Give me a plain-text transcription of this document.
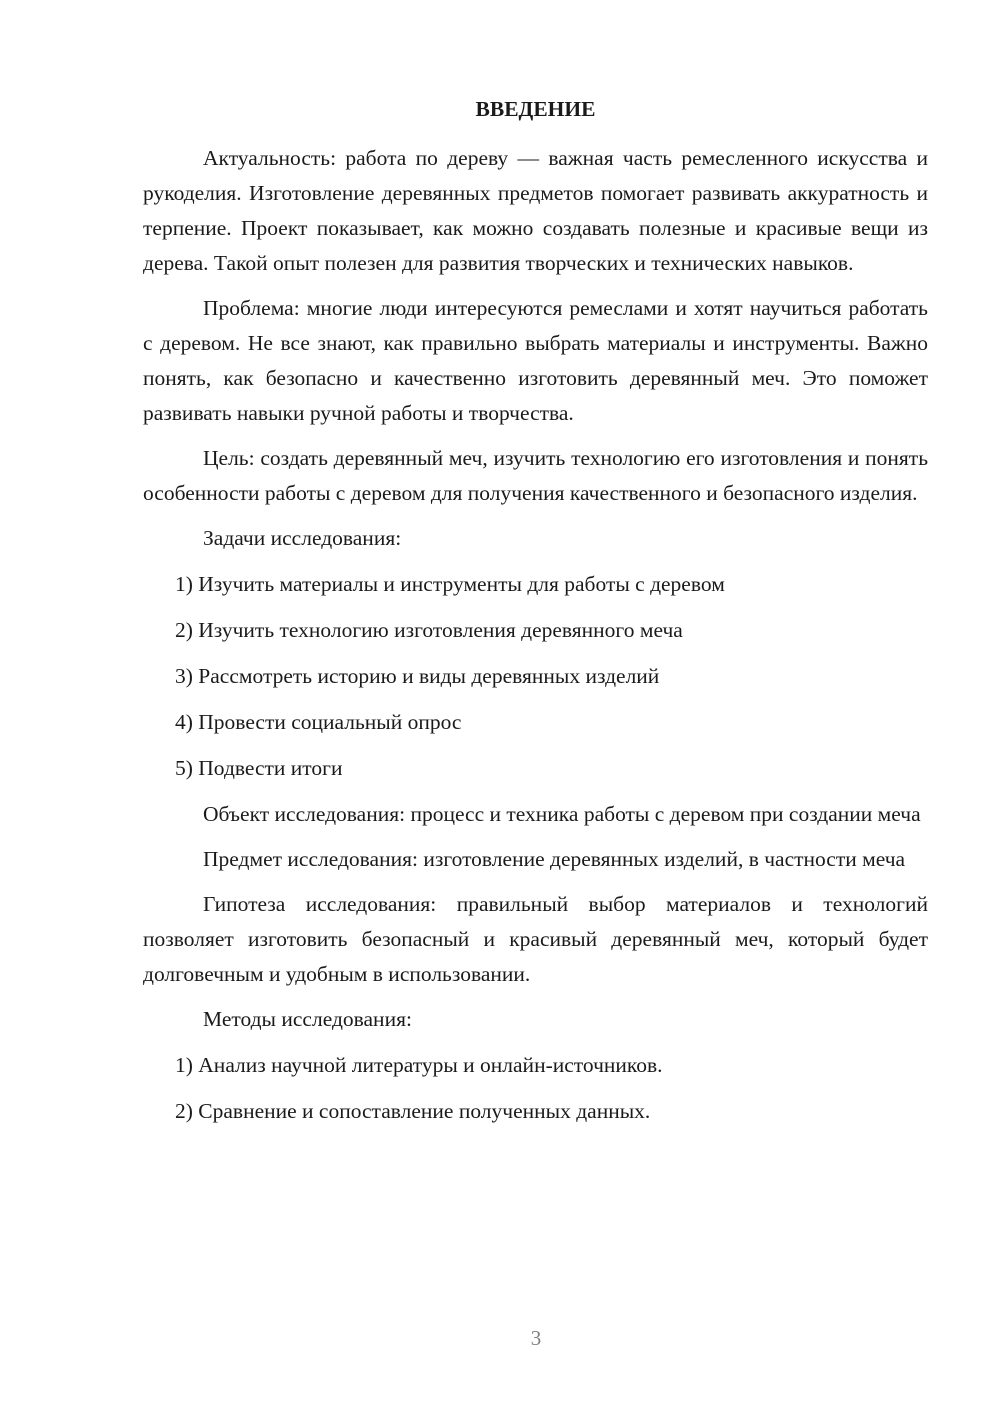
ВВЕДЕНИЕ

Актуальность: работа по дереву — важная часть ремесленного искусства и рукоделия. Изготовление деревянных предметов помогает развивать аккуратность и терпение. Проект показывает, как можно создавать полезные и красивые вещи из дерева. Такой опыт полезен для развития творческих и технических навыков.

Проблема: многие люди интересуются ремеслами и хотят научиться работать с деревом. Не все знают, как правильно выбрать материалы и инструменты. Важно понять, как безопасно и качественно изготовить деревянный меч. Это поможет развивать навыки ручной работы и творчества.

Цель: создать деревянный меч, изучить технологию его изготовления и понять особенности работы с деревом для получения качественного и безопасного изделия.

Задачи исследования:

1) Изучить материалы и инструменты для работы с деревом
2) Изучить технологию изготовления деревянного меча
3) Рассмотреть историю и виды деревянных изделий
4) Провести социальный опрос
5) Подвести итоги

Объект исследования: процесс и техника работы с деревом при создании меча

Предмет исследования: изготовление деревянных изделий, в частности меча

Гипотеза исследования: правильный выбор материалов и технологий позволяет изготовить безопасный и красивый деревянный меч, который будет долговечным и удобным в использовании.

Методы исследования:

1) Анализ научной литературы и онлайн-источников.
2) Сравнение и сопоставление полученных данных.
3
